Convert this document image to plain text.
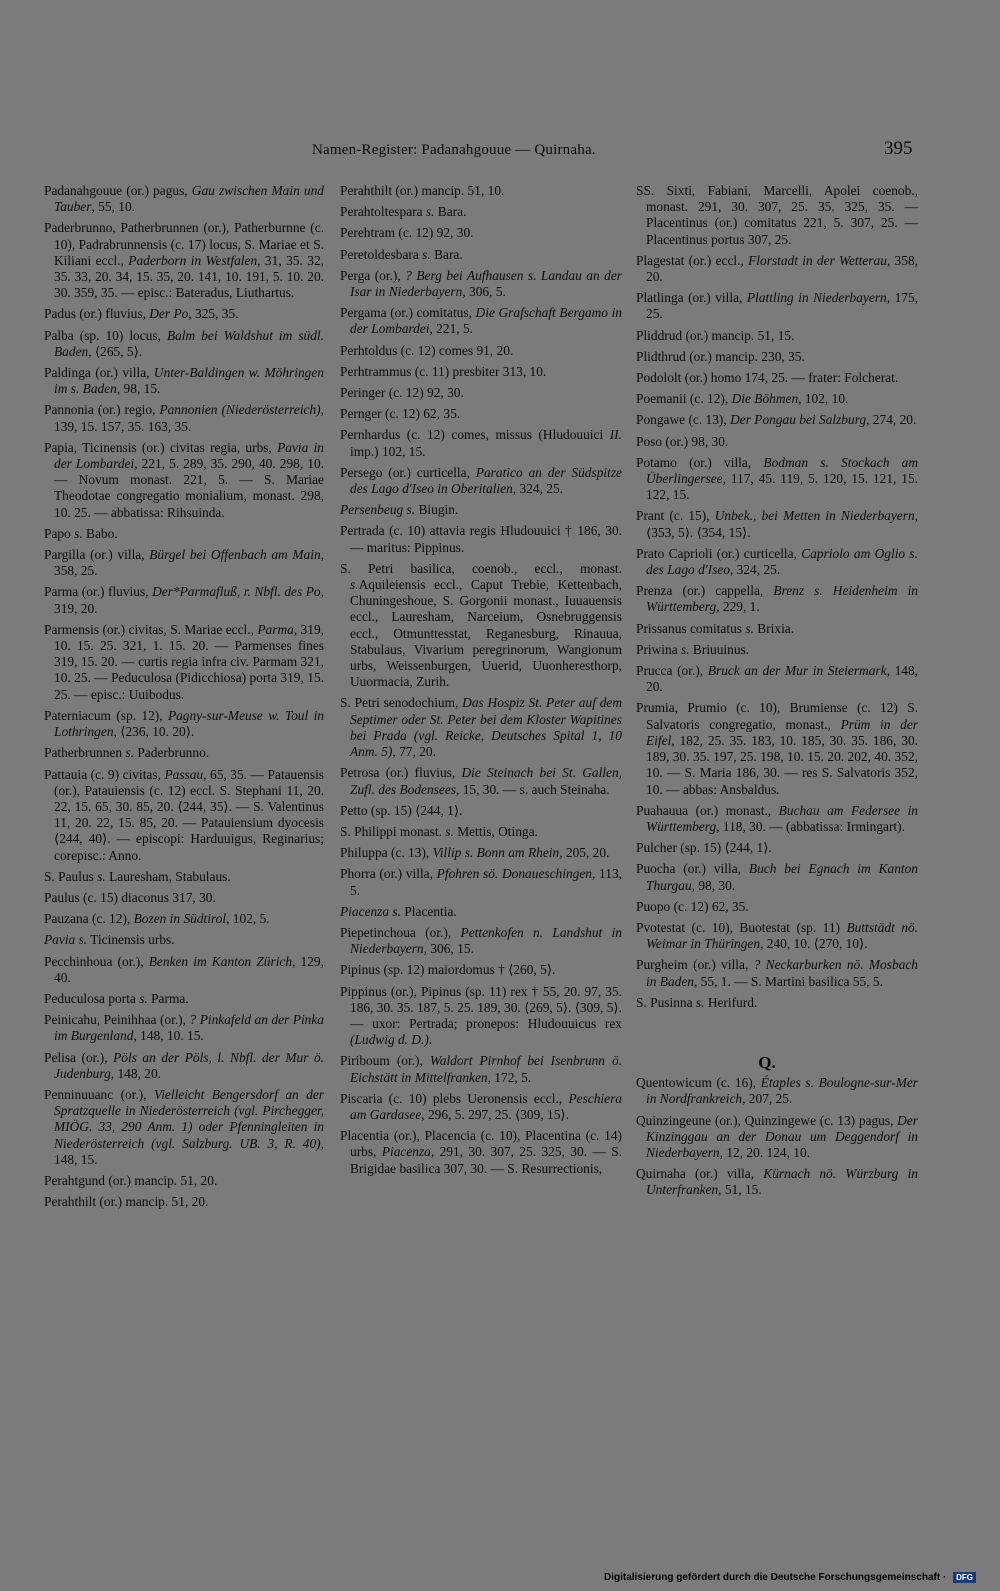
Namen-Register: Padanahgouue — Quirnaha.	395

Padanahgouue (or.) pagus, Gau zwischen Main und Tauber, 55, 10.

Paderbrunno, Patherbrunnen (or.), Patherburnne (c. 10), Padrabrunnensis (c. 17) locus, S. Mariae et S. Kiliani eccl., Paderborn in Westfalen, 31, 35. 32, 35. 33, 20. 34, 15. 35, 20. 141, 10. 191, 5. 10. 20. 30. 359, 35. — episc.: Bateradus, Liuthartus.

Padus (or.) fluvius, Der Po, 325, 35.

Palba (sp. 10) locus, Balm bei Waldshut im südl. Baden, ⟨265, 5⟩.

Paldinga (or.) villa, Unter-Baldingen w. Möhringen im s. Baden, 98, 15.

Pannonia (or.) regio, Pannonien (Niederösterreich), 139, 15. 157, 35. 163, 35.

Papia, Ticinensis (or.) civitas regia, urbs, Pavia in der Lombardei, 221, 5. 289, 35. 290, 40. 298, 10. — Novum monast. 221, 5. — S. Mariae Theodotae congregatio monialium, monast. 298, 10. 25. — abbatissa: Rihsuinda.

Papo s. Babo.

Pargilla (or.) villa, Bürgel bei Offenbach am Main, 358, 25.

Parma (or.) fluvius, Der*Parmafluß, r. Nbfl. des Po, 319, 20.

Parmensis (or.) civitas, S. Mariae eccl., Parma, 319, 10. 15. 25. 321, 1. 15. 20. — Parmenses fines 319, 15. 20. — curtis regia infra civ. Parmam 321, 10. 25. — Peduculosa (Pidicchiosa) porta 319, 15. 25. — episc.: Uuibodus.

Paterniacum (sp. 12), Pagny-sur-Meuse w. Toul in Lothringen, ⟨236, 10. 20⟩.

Patherbrunnen s. Paderbrunno.

Pattauia (c. 9) civitas, Passau, 65, 35. — Patauensis (or.), Patauiensis (c. 12) eccl. S. Stephani 11, 20. 22, 15. 65, 30. 85, 20. ⟨244, 35⟩. — S. Valentinus 11, 20. 22, 15. 85, 20. — Patauiensium dyocesis ⟨244, 40⟩. — episcopi: Harduuigus, Reginarius; corepisc.: Anno.

S. Paulus s. Lauresham, Stabulaus.

Paulus (c. 15) diaconus 317, 30.

Pauzana (c. 12), Bozen in Südtirol, 102, 5.

Pavia s. Ticinensis urbs.

Pecchinhoua (or.), Benken im Kanton Zürich, 129, 40.

Peduculosa porta s. Parma.

Peinicahu, Peinihhaa (or.), ? Pinkafeld an der Pinka im Burgenland, 148, 10. 15.

Pelisa (or.), Pöls an der Pöls, l. Nbfl. der Mur ö. Judenburg, 148, 20.

Penninuuanc (or.), Vielleicht Bengersdorf an der Spratzquelle in Niederösterreich (vgl. Pirchegger, MIÖG. 33, 290 Anm. 1) oder Pfenningleiten in Niederösterreich (vgl. Salzburg. UB. 3, R. 40), 148, 15.

Perahtgund (or.) mancip. 51, 20.

Perahthilt (or.) mancip. 51, 20.

Perahthilt (or.) mancip. 51, 10.

Perahtoltespara s. Bara.

Perehtram (c. 12) 92, 30.

Peretoldesbara s. Bara.

Perga (or.), ? Berg bei Aufhausen s. Landau an der Isar in Niederbayern, 306, 5.

Pergama (or.) comitatus, Die Grafschaft Bergamo in der Lombardei, 221, 5.

Perhtoldus (c. 12) comes 91, 20.

Perhtrammus (c. 11) presbiter 313, 10.

Peringer (c. 12) 92, 30.

Pernger (c. 12) 62, 35.

Pernhardus (c. 12) comes, missus (Hludouuici II. imp.) 102, 15.

Persego (or.) curticella, Paratico an der Südspitze des Lago d'Iseo in Oberitalien, 324, 25.

Persenbeug s. Biugin.

Pertrada (c. 10) attavia regis Hludouuici † 186, 30. — maritus: Pippinus.

S. Petri basilica, coenob., eccl., monast. s.Aquileiensis eccl., Caput Trebie, Kettenbach, Chuningeshoue, S. Gorgonii monast., Iuuauensis eccl., Lauresham, Narceium, Osnebruggensis eccl., Otmunttesstat, Reganesburg, Rinauua, Stabulaus, Vivarium peregrinorum, Wangionum urbs, Weissenburgen, Uuerid, Uuonheresthorp, Uuormacia, Zurih.

S. Petri senodochium, Das Hospiz St. Peter auf dem Septimer oder St. Peter bei dem Kloster Wapitines bei Prada (vgl. Reicke, Deutsches Spital 1, 10 Anm. 5), 77, 20.

Petrosa (or.) fluvius, Die Steinach bei St. Gallen, Zufl. des Bodensees, 15, 30. — s. auch Steinaha.

Petto (sp. 15) ⟨244, 1⟩.

S. Philippi monast. s. Mettis, Otinga.

Philuppa (c. 13), Villip s. Bonn am Rhein, 205, 20.

Phorra (or.) villa, Pfohren sö. Donaueschingen, 113, 5.

Piacenza s. Placentia.

Piepetinchoua (or.), Pettenkofen n. Landshut in Niederbayern, 306, 15.

Pipinus (sp. 12) maiordomus † ⟨260, 5⟩.

Pippinus (or.), Pipinus (sp. 11) rex † 55, 20. 97, 35. 186, 30. 35. 187, 5. 25. 189, 30. ⟨269, 5⟩. ⟨309, 5⟩. — uxor: Pertrada; pronepos: Hludouuicus rex (Ludwig d. D.).

Piriboum (or.), Waldort Pirnhof bei Isenbrunn ö. Eichstätt in Mittelfranken, 172, 5.

Piscaria (c. 10) plebs Ueronensis eccl., Peschiera am Gardasee, 296, 5. 297, 25. ⟨309, 15⟩.

Placentia (or.), Placencia (c. 10), Placentina (c. 14) urbs, Piacenza, 291, 30. 307, 25. 325, 30. — S. Brigidae basilica 307, 30. — S. Resurrectionis,

SS. Sixti, Fabiani, Marcelli, Apolei coenob., monast. 291, 30. 307, 25. 35. 325, 35. — Placentinus (or.) comitatus 221, 5. 307, 25. — Placentinus portus 307, 25.

Plagestat (or.) eccl., Florstadt in der Wetterau, 358, 20.

Platlinga (or.) villa, Plattling in Niederbayern, 175, 25.

Pliddrud (or.) mancip. 51, 15.

Plidthrud (or.) mancip. 230, 35.

Podololt (or.) homo 174, 25. — frater: Folcherat.

Poemanii (c. 12), Die Böhmen, 102, 10.

Pongawe (c. 13), Der Pongau bei Salzburg, 274, 20.

Poso (or.) 98, 30.

Potamo (or.) villa, Bodman s. Stockach am Überlingersee, 117, 45. 119, 5. 120, 15. 121, 15. 122, 15.

Prant (c. 15), Unbek., bei Metten in Niederbayern, ⟨353, 5⟩. ⟨354, 15⟩.

Prato Caprioli (or.) curticella, Capriolo am Oglio s. des Lago d'Iseo, 324, 25.

Prenza (or.) cappella, Brenz s. Heidenheim in Württemberg, 229, 1.

Prissanus comitatus s. Brixia.

Priwina s. Briuuinus.

Prucca (or.), Bruck an der Mur in Steiermark, 148, 20.

Prumia, Prumio (c. 10), Brumiense (c. 12) S. Salvatoris congregatio, monast., Prüm in der Eifel, 182, 25. 35. 183, 10. 185, 30. 35. 186, 30. 189, 30. 35. 197, 25. 198, 10. 15. 20. 202, 40. 352, 10. — S. Maria 186, 30. — res S. Salvatoris 352, 10. — abbas: Ansbaldus.

Puahauua (or.) monast., Buchau am Federsee in Württemberg, 118, 30. — (abbatissa: Irmingart).

Pulcher (sp. 15) ⟨244, 1⟩.

Puocha (or.) villa, Buch bei Egnach im Kanton Thurgau, 98, 30.

Puopo (c. 12) 62, 35.

Pvotestat (c. 10), Buotestat (sp. 11) Buttstädt nö. Weimar in Thüringen, 240, 10. ⟨270, 10⟩.

Purgheim (or.) villa, ? Neckarburken nö. Mosbach in Baden, 55, 1. — S. Martini basilica 55, 5.

S. Pusinna s. Herifurd.

Q.

Quentowicum (c. 16), Étaples s. Boulogne-sur-Mer in Nordfrankreich, 207, 25.

Quinzingeune (or.), Quinzingewe (c. 13) pagus, Der Kinzinggau an der Donau um Deggendorf in Niederbayern, 12, 20. 124, 10.

Quirnaha (or.) villa, Kürnach nö. Würzburg in Unterfranken, 51, 15.

Digitalisierung gefördert durch die Deutsche Forschungsgemeinschaft · DFG
